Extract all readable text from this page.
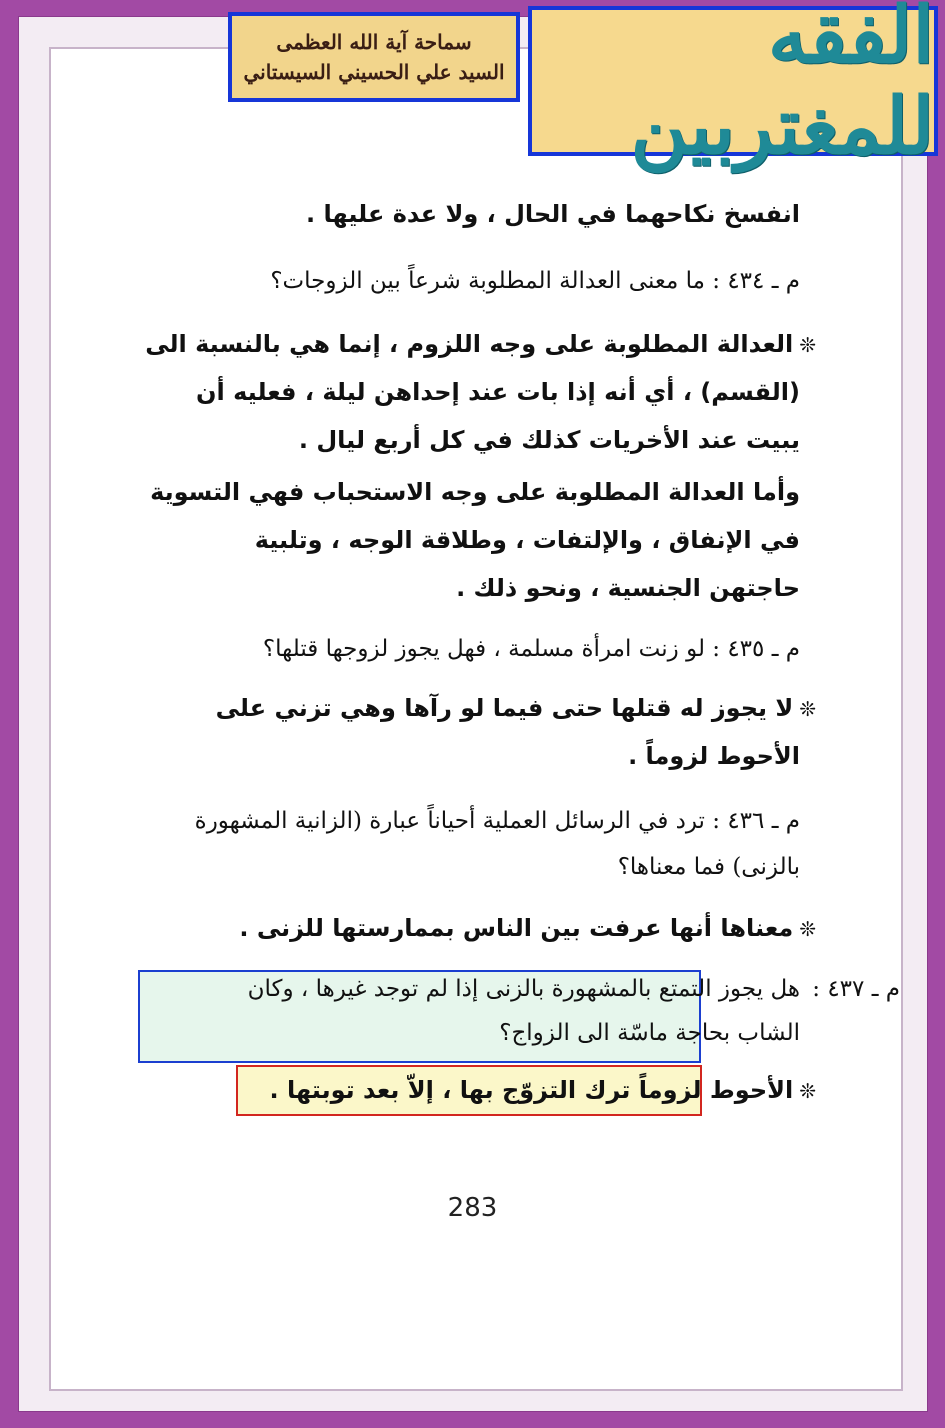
الفقه للمغتربين
سماحة آية الله العظمى
السيد علي الحسيني السيستاني
انفسخ نكاحهما في الحال ، ولا عدة عليها .
م ـ ٤٣٤ : ما معنى العدالة المطلوبة شرعاً بين الزوجات؟
❊العدالة المطلوبة على وجه اللزوم ، إنما هي بالنسبة الى
(القسم) ، أي أنه إذا بات عند إحداهن ليلة ، فعليه أن
يبيت عند الأخريات كذلك في كل أربع ليال .
وأما العدالة المطلوبة على وجه الاستحباب فهي التسوية
في الإنفاق ، والإلتفات ، وطلاقة الوجه ، وتلبية
حاجتهن الجنسية ، ونحو ذلك .
م ـ ٤٣٥ : لو زنت امرأة مسلمة ، فهل يجوز لزوجها قتلها؟
❊لا يجوز له قتلها حتى فيما لو رآها وهي تزني على
الأحوط لزوماً .
م ـ ٤٣٦ : ترد في الرسائل العملية أحياناً عبارة (الزانية المشهورة
بالزنى) فما معناها؟
❊معناها أنها عرفت بين الناس بممارستها للزنى .
م ـ ٤٣٧ :
هل يجوز التمتع بالمشهورة بالزنى إذا لم توجد غيرها ، وكان
الشاب بحاجة ماسّة الى الزواج؟
❊الأحوط لزوماً ترك التزوّج بها ، إلاّ بعد توبتها .
283
